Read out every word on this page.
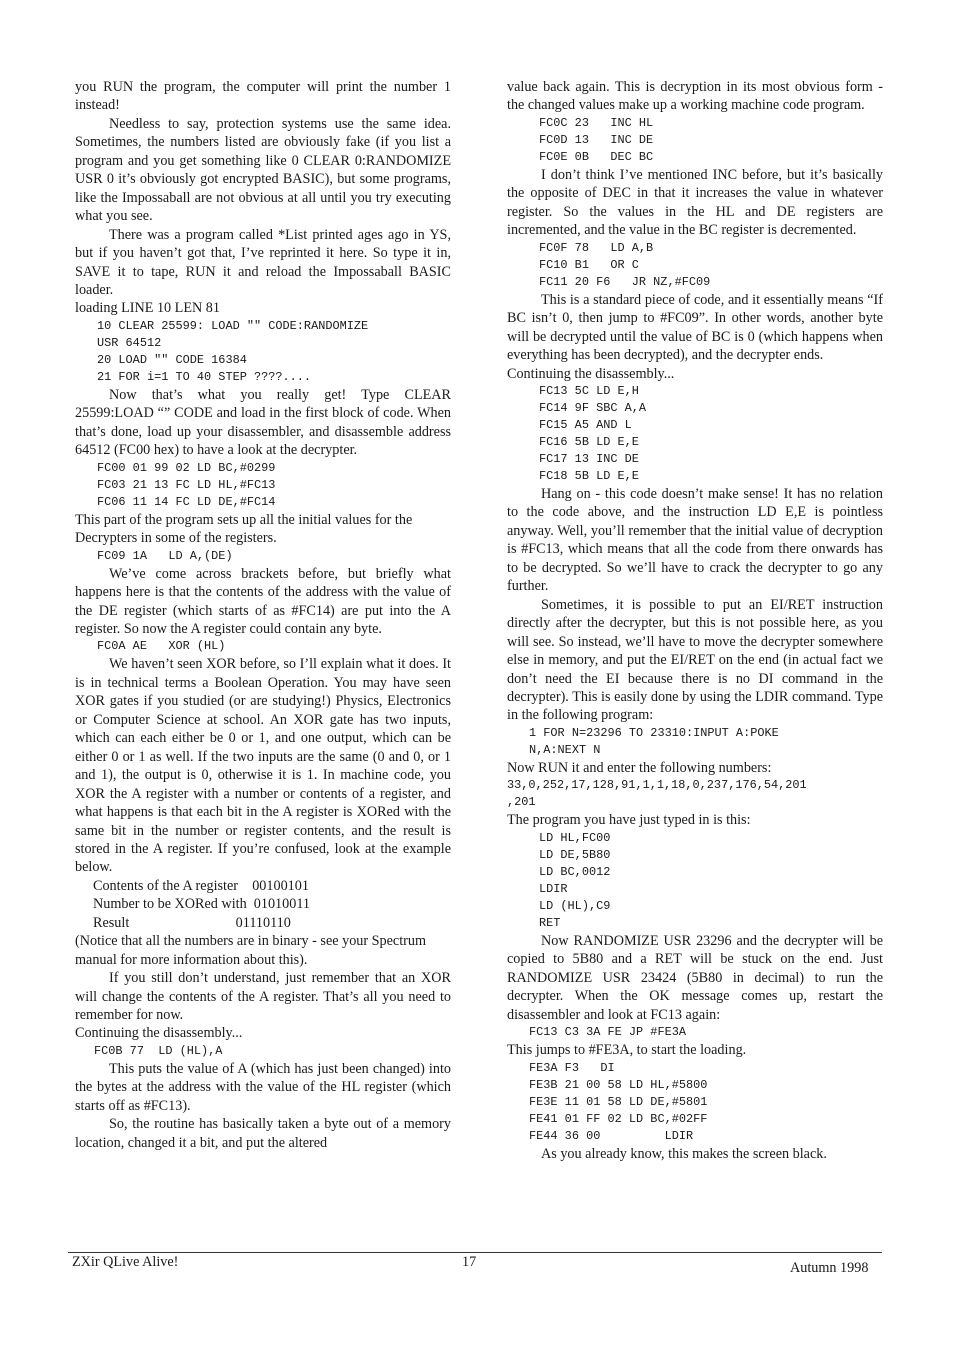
you RUN the program, the computer will print the number 1 instead!

Needless to say, protection systems use the same idea. Sometimes, the numbers listed are obviously fake (if you list a program and you get something like 0 CLEAR 0:RANDOMIZE USR 0 it’s obviously got encrypted BASIC), but some programs, like the Impossaball are not obvious at all until you try executing what you see.

There was a program called *List printed ages ago in YS, but if you haven’t got that, I’ve reprinted it here. So type it in, SAVE it to tape, RUN it and reload the Impossaball BASIC loader.

loading LINE 10 LEN 81

10 CLEAR 25599: LOAD "" CODE:RANDOMIZE
USR 64512
20 LOAD "" CODE 16384
21 FOR i=1 TO 40 STEP ????....

Now that’s what you really get! Type CLEAR 25599:LOAD “” CODE and load in the first block of code. When that’s done, load up your disassembler, and disassemble address 64512 (FC00 hex) to have a look at the decrypter.

FC00 01 99 02 LD BC,#0299
FC03 21 13 FC LD HL,#FC13
FC06 11 14 FC LD DE,#FC14

This part of the program sets up all the initial values for the Decrypters in some of the registers.

FC09 1A   LD A,(DE)

We’ve come across brackets before, but briefly what happens here is that the contents of the address with the value of the DE register (which starts of as #FC14) are put into the A register. So now the A register could contain any byte.

FC0A AE   XOR (HL)

We haven’t seen XOR before, so I’ll explain what it does. It is in technical terms a Boolean Operation. You may have seen XOR gates if you studied (or are studying!) Physics, Electronics or Computer Science at school. An XOR gate has two inputs, which can each either be 0 or 1, and one output, which can be either 0 or 1 as well. If the two inputs are the same (0 and 0, or 1 and 1), the output is 0, otherwise it is 1. In machine code, you XOR the A register with a number or contents of a register, and what happens is that each bit in the A register is XORed with the same bit in the number or register contents, and the result is stored in the A register. If you’re confused, look at the example below.

Contents of the A register    00100101
Number to be XORed with  01010011
Result                              01110110

(Notice that all the numbers are in binary - see your Spectrum manual for more information about this).

If you still don’t understand, just remember that an XOR will change the contents of the A register. That’s all you need to remember for now.

Continuing the disassembly...

FC0B 77  LD (HL),A

This puts the value of A (which has just been changed) into the bytes at the address with the value of the HL register (which starts off as #FC13).

So, the routine has basically taken a byte out of a memory location, changed it a bit, and put the altered

value back again. This is decryption in its most obvious form - the changed values make up a working machine code program.

FC0C 23   INC HL
FC0D 13   INC DE
FC0E 0B   DEC BC

I don’t think I’ve mentioned INC before, but it’s basically the opposite of DEC in that it increases the value in whatever register. So the values in the HL and DE registers are incremented, and the value in the BC register is decremented.

FC0F 78   LD A,B
FC10 B1   OR C
FC11 20 F6   JR NZ,#FC09

This is a standard piece of code, and it essentially means “If BC isn’t 0, then jump to #FC09”. In other words, another byte will be decrypted until the value of BC is 0 (which happens when everything has been decrypted), and the decrypter ends.

Continuing the disassembly...

FC13 5C LD E,H
FC14 9F SBC A,A
FC15 A5 AND L
FC16 5B LD E,E
FC17 13 INC DE
FC18 5B LD E,E

Hang on - this code doesn’t make sense! It has no relation to the code above, and the instruction LD E,E is pointless anyway. Well, you’ll remember that the initial value of decryption is #FC13, which means that all the code from there onwards has to be decrypted. So we’ll have to crack the decrypter to go any further.

Sometimes, it is possible to put an EI/RET instruction directly after the decrypter, but this is not possible here, as you will see. So instead, we’ll have to move the decrypter somewhere else in memory, and put the EI/RET on the end (in actual fact we don’t need the EI because there is no DI command in the decrypter). This is easily done by using the LDIR command. Type in the following program:

1 FOR N=23296 TO 23310:INPUT A:POKE
N,A:NEXT N

Now RUN it and enter the following numbers:

33,0,252,17,128,91,1,1,18,0,237,176,54,201
,201

The program you have just typed in is this:

LD HL,FC00
LD DE,5B80
LD BC,0012
LDIR
LD (HL),C9
RET

Now RANDOMIZE USR 23296 and the decrypter will be copied to 5B80 and a RET will be stuck on the end. Just RANDOMIZE USR 23424 (5B80 in decimal) to run the decrypter. When the OK message comes up, restart the disassembler and look at FC13 again:

FC13 C3 3A FE JP #FE3A

This jumps to #FE3A, to start the loading.

FE3A F3   DI
FE3B 21 00 58 LD HL,#5800
FE3E 11 01 58 LD DE,#5801
FE41 01 FF 02 LD BC,#02FF
FE44 36 00         LDIR

As you already know, this makes the screen black.

ZXir QLive Alive!	17	Autumn 1998
